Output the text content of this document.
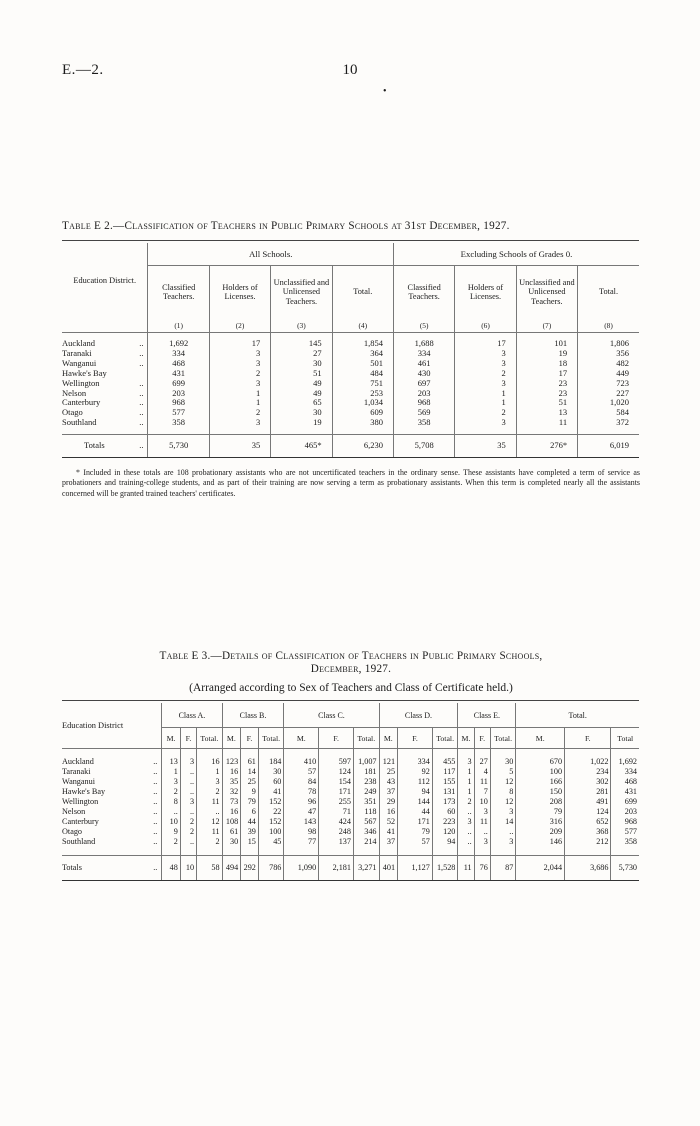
E.—2.	10
•
Table E 2.—Classification of Teachers in Public Primary Schools at 31st December, 1927.
Education District.	All Schools.				Excluding Schools of Grades 0.			
	Classified Teachers.	Holders of Licenses.	Unclassified and Unlicensed Teachers.	Total.	Classified Teachers.	Holders of Licenses.	Unclassified and Unlicensed Teachers.	Total.
	(1)	(2)	(3)	(4)	(5)	(6)	(7)	(8)

Auckland ..	1,692	17	145	1,854	1,688	17	101	1,806

Taranaki ..	334	3	27	364	334	3	19	356

Wanganui ..	468	3	30	501	461	3	18	482

Hawke's Bay	431	2	51	484	430	2	17	449

Wellington ..	699	3	49	751	697	3	23	723

Nelson ..	203	1	49	253	203	1	23	227

Canterbury ..	968	1	65	1,034	968	1	51	1,020

Otago ..	577	2	30	609	569	2	13	584

Southland ..	358	3	19	380	358	3	11	372

Totals ..	5,730	35	465*	6,230	5,708	35	276*	6,019
* Included in these totals are 108 probationary assistants who are not uncertificated teachers in the ordinary sense. These assistants have completed a term of service as probationers and training-college students, and as part of their training are now serving a term as probationary assistants. When this term is completed nearly all the assistants concerned will be granted trained teachers' certificates.
Table E 3.—Details of Classification of Teachers in Public Primary Schools,
December, 1927.
(Arranged according to Sex of Teachers and Class of Certificate held.)
Education District	Class A.			Class B.			Class C.			Class D.			Class E.			Total.		
	M.	F.	Total.	M.	F.	Total.	M.	F.	Total.	M.	F.	Total.	M.	F.	Total.	M.	F.	Total

Auckland ..	13	3	16	123	61	184	410	597	1,007	121	334	455	3	27	30	670	1,022	1,692

Taranaki ..	1	..	1	16	14	30	57	124	181	25	92	117	1	4	5	100	234	334

Wanganui ..	3	..	3	35	25	60	84	154	238	43	112	155	1	11	12	166	302	468

Hawke's Bay ..	2	..	2	32	9	41	78	171	249	37	94	131	1	7	8	150	281	431

Wellington ..	8	3	11	73	79	152	96	255	351	29	144	173	2	10	12	208	491	699

Nelson ..	..	..	..	16	6	22	47	71	118	16	44	60	..	3	3	79	124	203

Canterbury ..	10	2	12	108	44	152	143	424	567	52	171	223	3	11	14	316	652	968

Otago ..	9	2	11	61	39	100	98	248	346	41	79	120	..	..	..	209	368	577

Southland ..	2	..	2	30	15	45	77	137	214	37	57	94	..	3	3	146	212	358

Totals ..	48	10	58	494	292	786	1,090	2,181	3,271	401	1,127	1,528	11	76	87	2,044	3,686	5,730
